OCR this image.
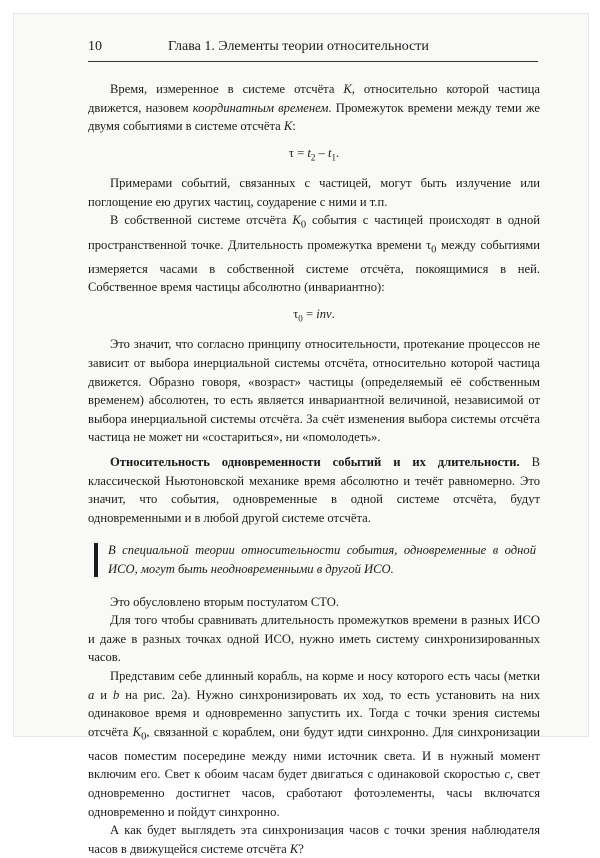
10	Глава 1. Элементы теории относительности

Время, измеренное в системе отсчёта K, относительно которой частица движется, назовем координатным временем. Промежуток времени между теми же двумя событиями в системе отсчёта K:

$\tau = t_2 - t_1$.

Примерами событий, связанных с частицей, могут быть излучение или поглощение ею других частиц, соударение с ними и т.п.

В собственной системе отсчёта $K_0$ события с частицей происходят в одной пространственной точке. Длительность промежутка времени $\tau_0$ между событиями измеряется часами в собственной системе отсчёта, покоящимися в ней. Собственное время частицы абсолютно (инвариантно):

$\tau_0$ = inv.

Это значит, что согласно принципу относительности, протекание процессов не зависит от выбора инерциальной системы отсчёта, относительно которой частица движется. Образно говоря, «возраст» частицы (определяемый её собственным временем) абсолютен, то есть является инвариантной величиной, независимой от выбора инерциальной системы отсчёта. За счёт изменения выбора системы отсчёта частица не может ни «состариться», ни «помолодеть».

Относительность одновременности событий и их длительности. В классической Ньютоновской механике время абсолютно и течёт равномерно. Это значит, что события, одновременные в одной системе отсчёта, будут одновременными и в любой другой системе отсчёта.

В специальной теории относительности события, одновременные в одной ИСО, могут быть неодновременными в другой ИСО.

Это обусловлено вторым постулатом СТО.

Для того чтобы сравнивать длительность промежутков времени в разных ИСО и даже в разных точках одной ИСО, нужно иметь систему синхронизированных часов.

Представим себе длинный корабль, на корме и носу которого есть часы (метки a и b на рис. 2а). Нужно синхронизировать их ход, то есть установить на них одинаковое время и одновременно запустить их. Тогда с точки зрения системы отсчёта $K_0$, связанной с кораблем, они будут идти синхронно. Для синхронизации часов поместим посередине между ними источник света. И в нужный момент включим его. Свет к обоим часам будет двигаться с одинаковой скоростью c, свет одновременно достигнет часов, сработают фотоэлементы, часы включатся одновременно и пойдут синхронно.

А как будет выглядеть эта синхронизация часов с точки зрения наблюдателя часов в движущейся системе отсчёта K?
